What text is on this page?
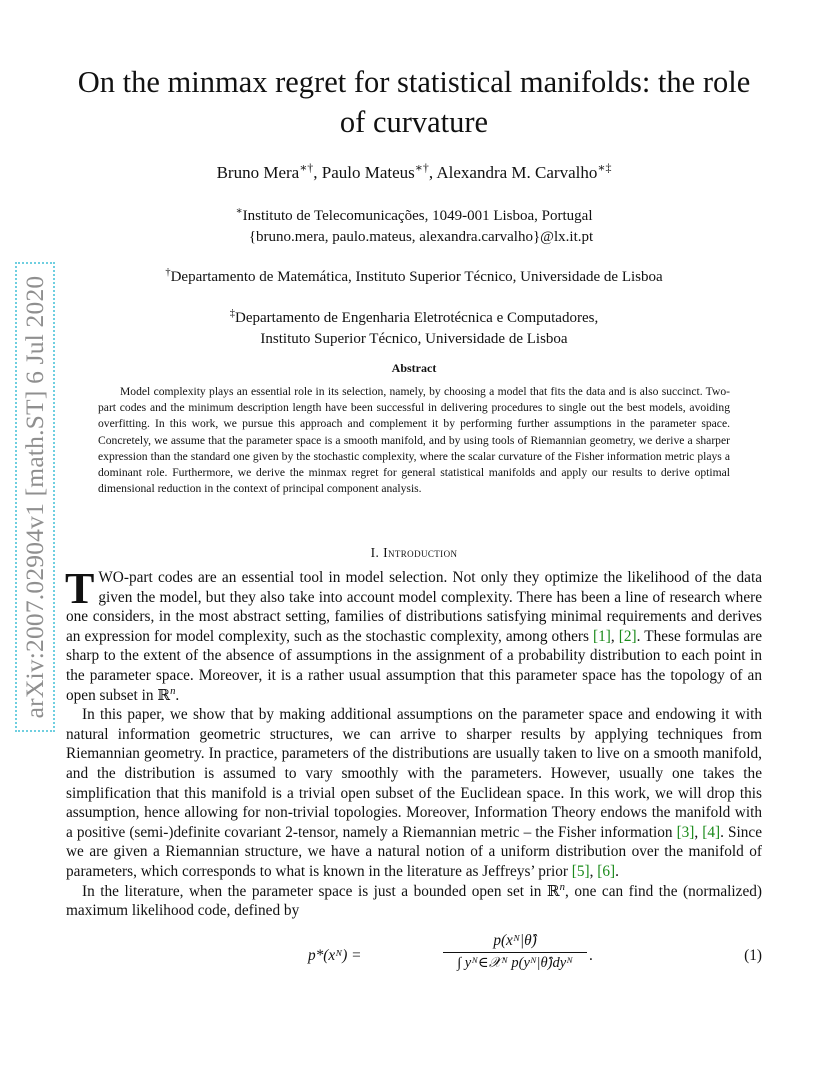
arXiv:2007.02904v1 [math.ST] 6 Jul 2020
On the minmax regret for statistical manifolds: the role of curvature
Bruno Mera∗†, Paulo Mateus∗†, Alexandra M. Carvalho∗‡
∗Instituto de Telecomunicações, 1049-001 Lisboa, Portugal
{bruno.mera, paulo.mateus, alexandra.carvalho}@lx.it.pt
†Departamento de Matemática, Instituto Superior Técnico, Universidade de Lisboa
‡Departamento de Engenharia Eletrotécnica e Computadores,
Instituto Superior Técnico, Universidade de Lisboa
Abstract

Model complexity plays an essential role in its selection, namely, by choosing a model that fits the data and is also succinct. Two-part codes and the minimum description length have been successful in delivering procedures to single out the best models, avoiding overfitting. In this work, we pursue this approach and complement it by performing further assumptions in the parameter space. Concretely, we assume that the parameter space is a smooth manifold, and by using tools of Riemannian geometry, we derive a sharper expression than the standard one given by the stochastic complexity, where the scalar curvature of the Fisher information metric plays a dominant role. Furthermore, we derive the minmax regret for general statistical manifolds and apply our results to derive optimal dimensional reduction in the context of principal component analysis.

I. Introduction

TWO-part codes are an essential tool in model selection. Not only they optimize the likelihood of the data given the model, but they also take into account model complexity. There has been a line of research where one considers, in the most abstract setting, families of distributions satisfying minimal requirements and derives an expression for model complexity, such as the stochastic complexity, among others [1], [2]. These formulas are sharp to the extent of the absence of assumptions in the assignment of a probability distribution to each point in the parameter space. Moreover, it is a rather usual assumption that this parameter space has the topology of an open subset in ℝ$^n$.

In this paper, we show that by making additional assumptions on the parameter space and endowing it with natural information geometric structures, we can arrive to sharper results by applying techniques from Riemannian geometry. In practice, parameters of the distributions are usually taken to live on a smooth manifold, and the distribution is assumed to vary smoothly with the parameters. However, usually one takes the simplification that this manifold is a trivial open subset of the Euclidean space. In this work, we will drop this assumption, hence allowing for non-trivial topologies. Moreover, Information Theory endows the manifold with a positive (semi-)definite covariant 2-tensor, namely a Riemannian metric – the Fisher information [3], [4]. Since we are given a Riemannian structure, we have a natural notion of a uniform distribution over the manifold of parameters, which corresponds to what is known in the literature as Jeffreys’ prior [5], [6].

In the literature, when the parameter space is just a bounded open set in ℝ$^n$, one can find the (normalized) maximum likelihood code, defined by

p*(xᴺ) =
p(xᴺ|θ̂)
∫ yᴺ∈𝒳ᴺ p(yᴺ|θ̂)dyᴺ	.	(1)
